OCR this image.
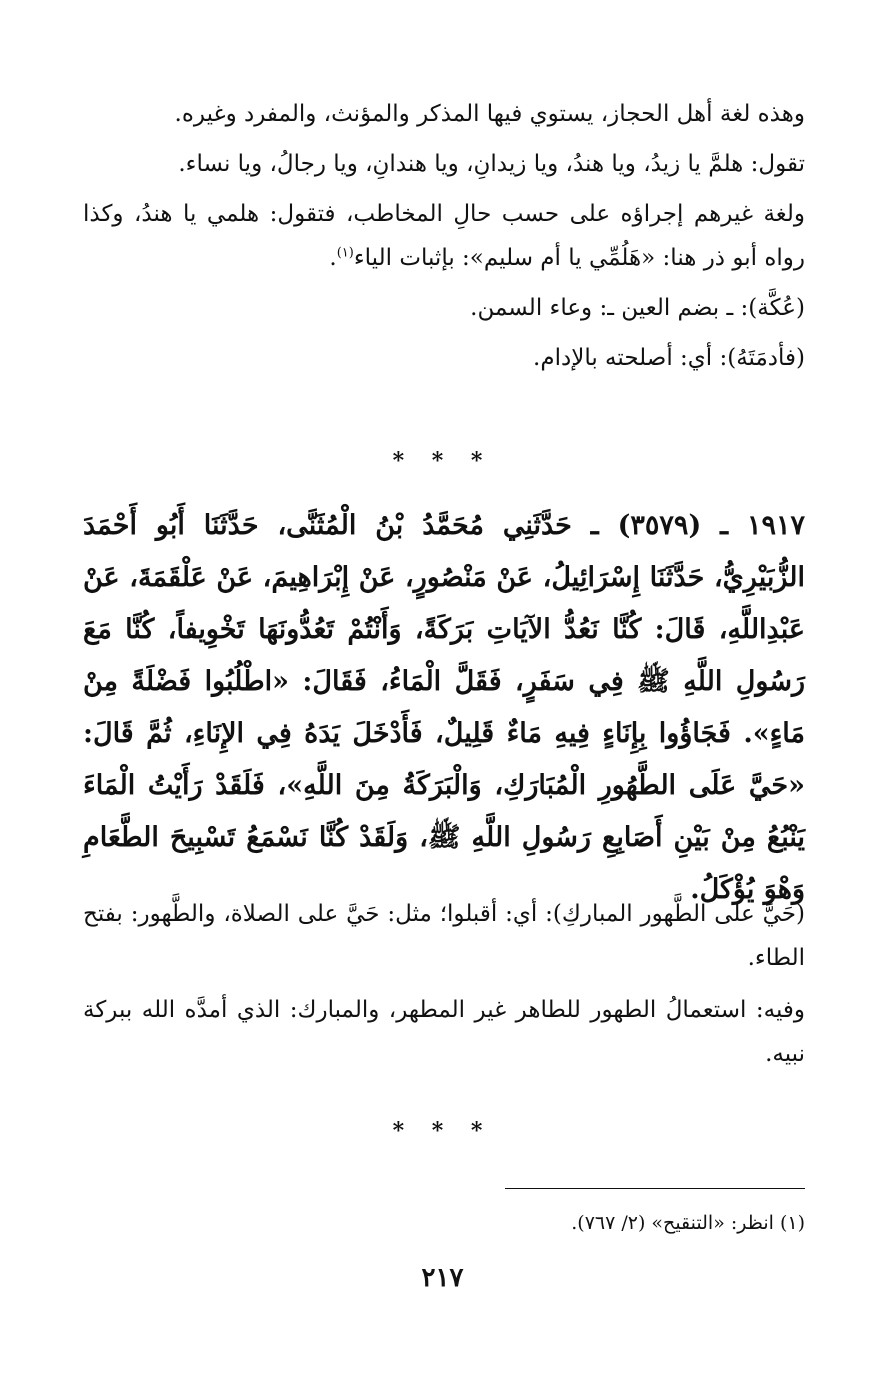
وهذه لغة أهل الحجاز، يستوي فيها المذكر والمؤنث، والمفرد وغيره.

تقول: هلمَّ يا زيدُ، ويا هندُ، ويا زيدانِ، ويا هندانِ، ويا رجالُ، ويا نساء.

ولغة غيرهم إجراؤه على حسب حالِ المخاطب، فتقول: هلمي يا هندُ، وكذا رواه أبو ذر هنا: «هَلُمِّي يا أم سليم»: بإثبات الياء$^{(١)}$.

(عُكَّة): ـ بضم العين ـ: وعاء السمن.

(فأدمَتَهُ): أي: أصلحته بالإدام.

* * *

١٩١٧ ـ (٣٥٧٩) ـ حَدَّثَنِي مُحَمَّدُ بْنُ الْمُثَنَّى، حَدَّثَنَا أَبُو أَحْمَدَ الزُّبَيْرِيُّ، حَدَّثَنَا إِسْرَائِيلُ، عَنْ مَنْصُورٍ، عَنْ إِبْرَاهِيمَ، عَنْ عَلْقَمَةَ، عَنْ عَبْدِاللَّهِ، قَالَ: كُنَّا نَعُدُّ الآيَاتِ بَرَكَةً، وَأَنْتُمْ تَعُدُّونَهَا تَخْوِيفاً، كُنَّا مَعَ رَسُولِ اللَّهِ ﷺ فِي سَفَرٍ، فَقَلَّ الْمَاءُ، فَقَالَ: «اطْلُبُوا فَضْلَةً مِنْ مَاءٍ». فَجَاؤُوا بِإِنَاءٍ فِيهِ مَاءٌ قَلِيلٌ، فَأَدْخَلَ يَدَهُ فِي الإِنَاءِ، ثُمَّ قَالَ: «حَيَّ عَلَى الطَّهُورِ الْمُبَارَكِ، وَالْبَرَكَةُ مِنَ اللَّهِ»، فَلَقَدْ رَأَيْتُ الْمَاءَ يَنْبُعُ مِنْ بَيْنِ أَصَابِعِ رَسُولِ اللَّهِ ﷺ، وَلَقَدْ كُنَّا نَسْمَعُ تَسْبِيحَ الطَّعَامِ وَهْوَ يُؤْكَلُ.

(حَيَّ على الطَّهور المباركِ): أي: أقبلوا؛ مثل: حَيَّ على الصلاة، والطَّهور: بفتح الطاء.

وفيه: استعمالُ الطهور للطاهر غير المطهر، والمبارك: الذي أمدَّه الله ببركة نبيه.

* * *

(١) انظر: «التنقيح» (٢/ ٧٦٧).

٢١٧
